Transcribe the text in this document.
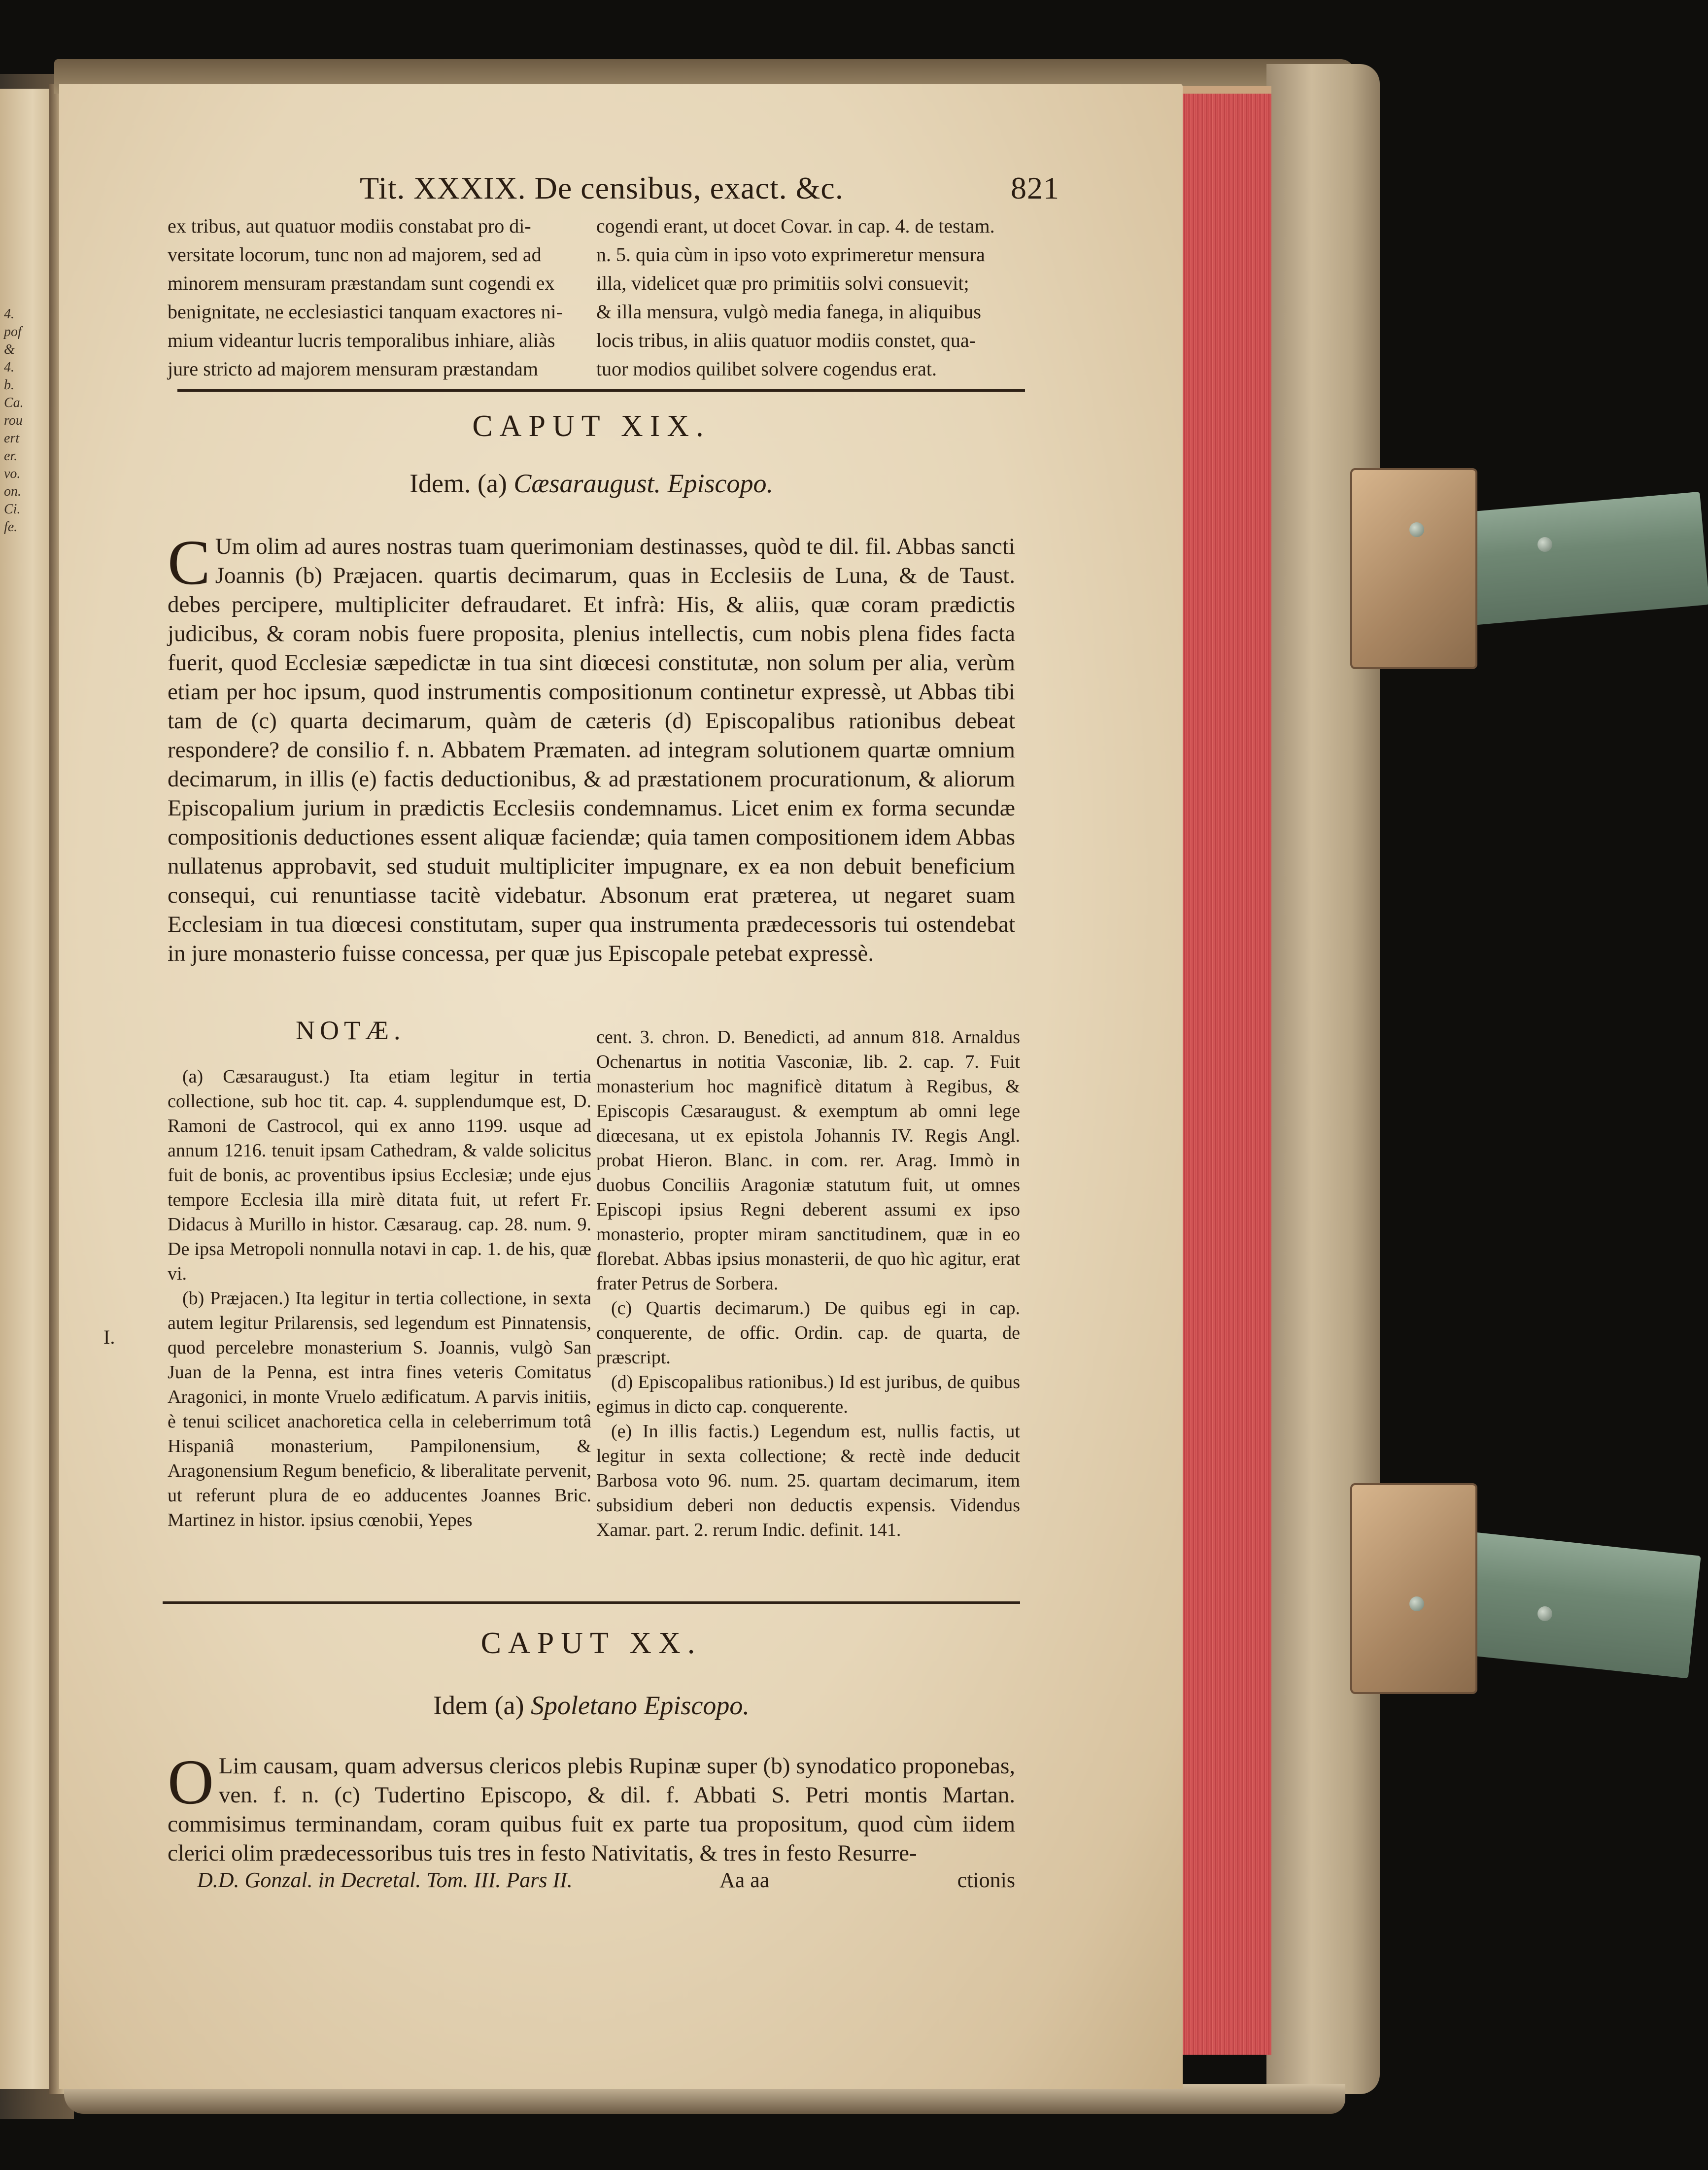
4.
pof
&
4.
b.
Ca.
rou
ert
er.
vo.
on.
Ci.
fe.
Tit. XXXIX. De censibus, exact. &c.	821

ex tribus, aut quatuor modiis constabat pro di-

versitate locorum, tunc non ad majorem, sed ad

minorem mensuram præstandam sunt cogendi ex

benignitate, ne ecclesiastici tanquam exactores ni-

mium videantur lucris temporalibus inhiare, aliàs

jure stricto ad majorem mensuram præstandam

cogendi erant, ut docet Covar. in cap. 4. de testam.

n. 5. quia cùm in ipso voto exprimeretur mensura

illa, videlicet quæ pro primitiis solvi consuevit;

& illa mensura, vulgò media fanega, in aliquibus

locis tribus, in aliis quatuor modiis constet, qua-

tuor modios quilibet solvere cogendus erat.

CAPUT XIX.
Idem. (a) Cæsaraugust. Episcopo.
C Um olim ad aures nostras tuam querimoniam destinasses, quòd te dil. fil. Abbas sancti Joannis (b) Præjacen. quartis decimarum, quas in Ecclesiis de Luna, & de Taust. debes percipere, multipliciter defraudaret. Et infrà: His, & aliis, quæ coram prædictis judicibus, & coram nobis fuere proposita, plenius intellectis, cum nobis plena fides facta fuerit, quod Ecclesiæ sæpedictæ in tua sint diœcesi constitutæ, non solum per alia, verùm etiam per hoc ipsum, quod instrumentis compositionum continetur expressè, ut Abbas tibi tam de (c) quarta decimarum, quàm de cæteris (d) Episcopalibus rationibus debeat respondere? de consilio f. n. Abbatem Præmaten. ad integram solutionem quartæ omnium decimarum, in illis (e) factis deductionibus, & ad præstationem procurationum, & aliorum Episcopalium jurium in prædictis Ecclesiis condemnamus. Licet enim ex forma secundæ compositionis deductiones essent aliquæ faciendæ; quia tamen compositionem idem Abbas nullatenus approbavit, sed studuit multipliciter impugnare, ex ea non debuit beneficium consequi, cui renuntiasse tacitè videbatur. Absonum erat præterea, ut negaret suam Ecclesiam in tua diœcesi constitutam, super qua instrumenta prædecessoris tui ostendebat in jure monasterio fuisse concessa, per quæ jus Episcopale petebat expressè.
NOTÆ.

(a) Cæsaraugust.) Ita etiam legitur in tertia collectione, sub hoc tit. cap. 4. supplendumque est, D. Ramoni de Castrocol, qui ex anno 1199. usque ad annum 1216. tenuit ipsam Cathedram, & valde solicitus fuit de bonis, ac proventibus ipsius Ecclesiæ; unde ejus tempore Ecclesia illa mirè ditata fuit, ut refert Fr. Didacus à Murillo in histor. Cæsaraug. cap. 28. num. 9. De ipsa Metropoli nonnulla notavi in cap. 1. de his, quæ vi.

(b) Præjacen.) Ita legitur in tertia collectione, in sexta autem legitur Prilarensis, sed legendum est Pinnatensis, quod percelebre monasterium S. Joannis, vulgò San Juan de la Penna, est intra fines veteris Comitatus Aragonici, in monte Vruelo ædificatum. A parvis initiis, è tenui scilicet anachoretica cella in celeberrimum totâ Hispaniâ monasterium, Pampilonensium, & Aragonensium Regum beneficio, & liberalitate pervenit, ut referunt plura de eo adducentes Joannes Bric. Martinez in histor. ipsius cœnobii, Yepes

cent. 3. chron. D. Benedicti, ad annum 818. Arnaldus Ochenartus in notitia Vasconiæ, lib. 2. cap. 7. Fuit monasterium hoc magnificè ditatum à Regibus, & Episcopis Cæsaraugust. & exemptum ab omni lege diœcesana, ut ex epistola Johannis IV. Regis Angl. probat Hieron. Blanc. in com. rer. Arag. Immò in duobus Conciliis Aragoniæ statutum fuit, ut omnes Episcopi ipsius Regni deberent assumi ex ipso monasterio, propter miram sanctitudinem, quæ in eo florebat. Abbas ipsius monasterii, de quo hìc agitur, erat frater Petrus de Sorbera.

(c) Quartis decimarum.) De quibus egi in cap. conquerente, de offic. Ordin. cap. de quarta, de præscript.

(d) Episcopalibus rationibus.) Id est juribus, de quibus egimus in dicto cap. conquerente.

(e) In illis factis.) Legendum est, nullis factis, ut legitur in sexta collectione; & rectè inde deducit Barbosa voto 96. num. 25. quartam decimarum, item subsidium deberi non deductis expensis. Videndus Xamar. part. 2. rerum Indic. definit. 141.

I.
CAPUT XX.
Idem (a) Spoletano Episcopo.
O Lim causam, quam adversus clericos plebis Rupinæ super (b) synodatico proponebas, ven. f. n. (c) Tudertino Episcopo, & dil. f. Abbati S. Petri montis Martan. commisimus terminandam, coram quibus fuit ex parte tua propositum, quod cùm iidem clerici olim prædecessoribus tuis tres in festo Nativitatis, & tres in festo Resurre-
D.D. Gonzal. in Decretal. Tom. III. Pars II.	Aa aa	ctionis
